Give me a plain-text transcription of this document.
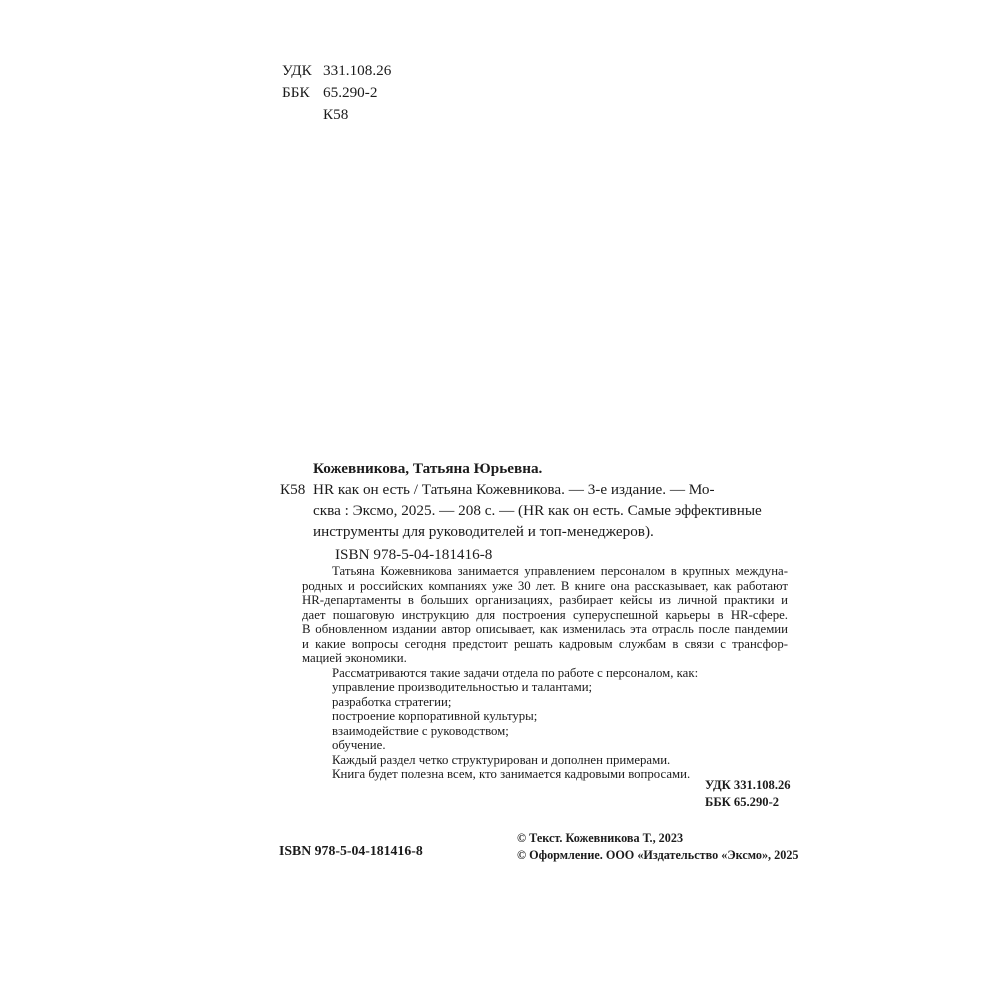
УДК 331.108.26
ББК 65.290-2
К58
Кожевникова, Татьяна Юрьевна.
К58 HR как он есть / Татьяна Кожевникова. — 3-е издание. — Мо-
сква : Эксмо, 2025. — 208 с. — (HR как он есть. Самые эффективные
инструменты для руководителей и топ-менеджеров).
ISBN 978-5-04-181416-8
Татьяна Кожевникова занимается управлением персоналом в крупных междуна-
родных и российских компаниях уже 30 лет. В книге она рассказывает, как работают
HR-департаменты в больших организациях, разбирает кейсы из личной практики и
дает пошаговую инструкцию для построения суперуспешной карьеры в HR-сфере.
В обновленном издании автор описывает, как изменилась эта отрасль после пандемии
и какие вопросы сегодня предстоит решать кадровым службам в связи с трансфор-
мацией экономики.
Рассматриваются такие задачи отдела по работе с персоналом, как:
управление производительностью и талантами;
разработка стратегии;
построение корпоративной культуры;
взаимодействие с руководством;
обучение.
Каждый раздел четко структурирован и дополнен примерами.
Книга будет полезна всем, кто занимается кадровыми вопросами.
УДК 331.108.26
ББК 65.290-2
ISBN 978-5-04-181416-8
© Текст. Кожевникова Т., 2023
© Оформление. ООО «Издательство «Эксмо», 2025
